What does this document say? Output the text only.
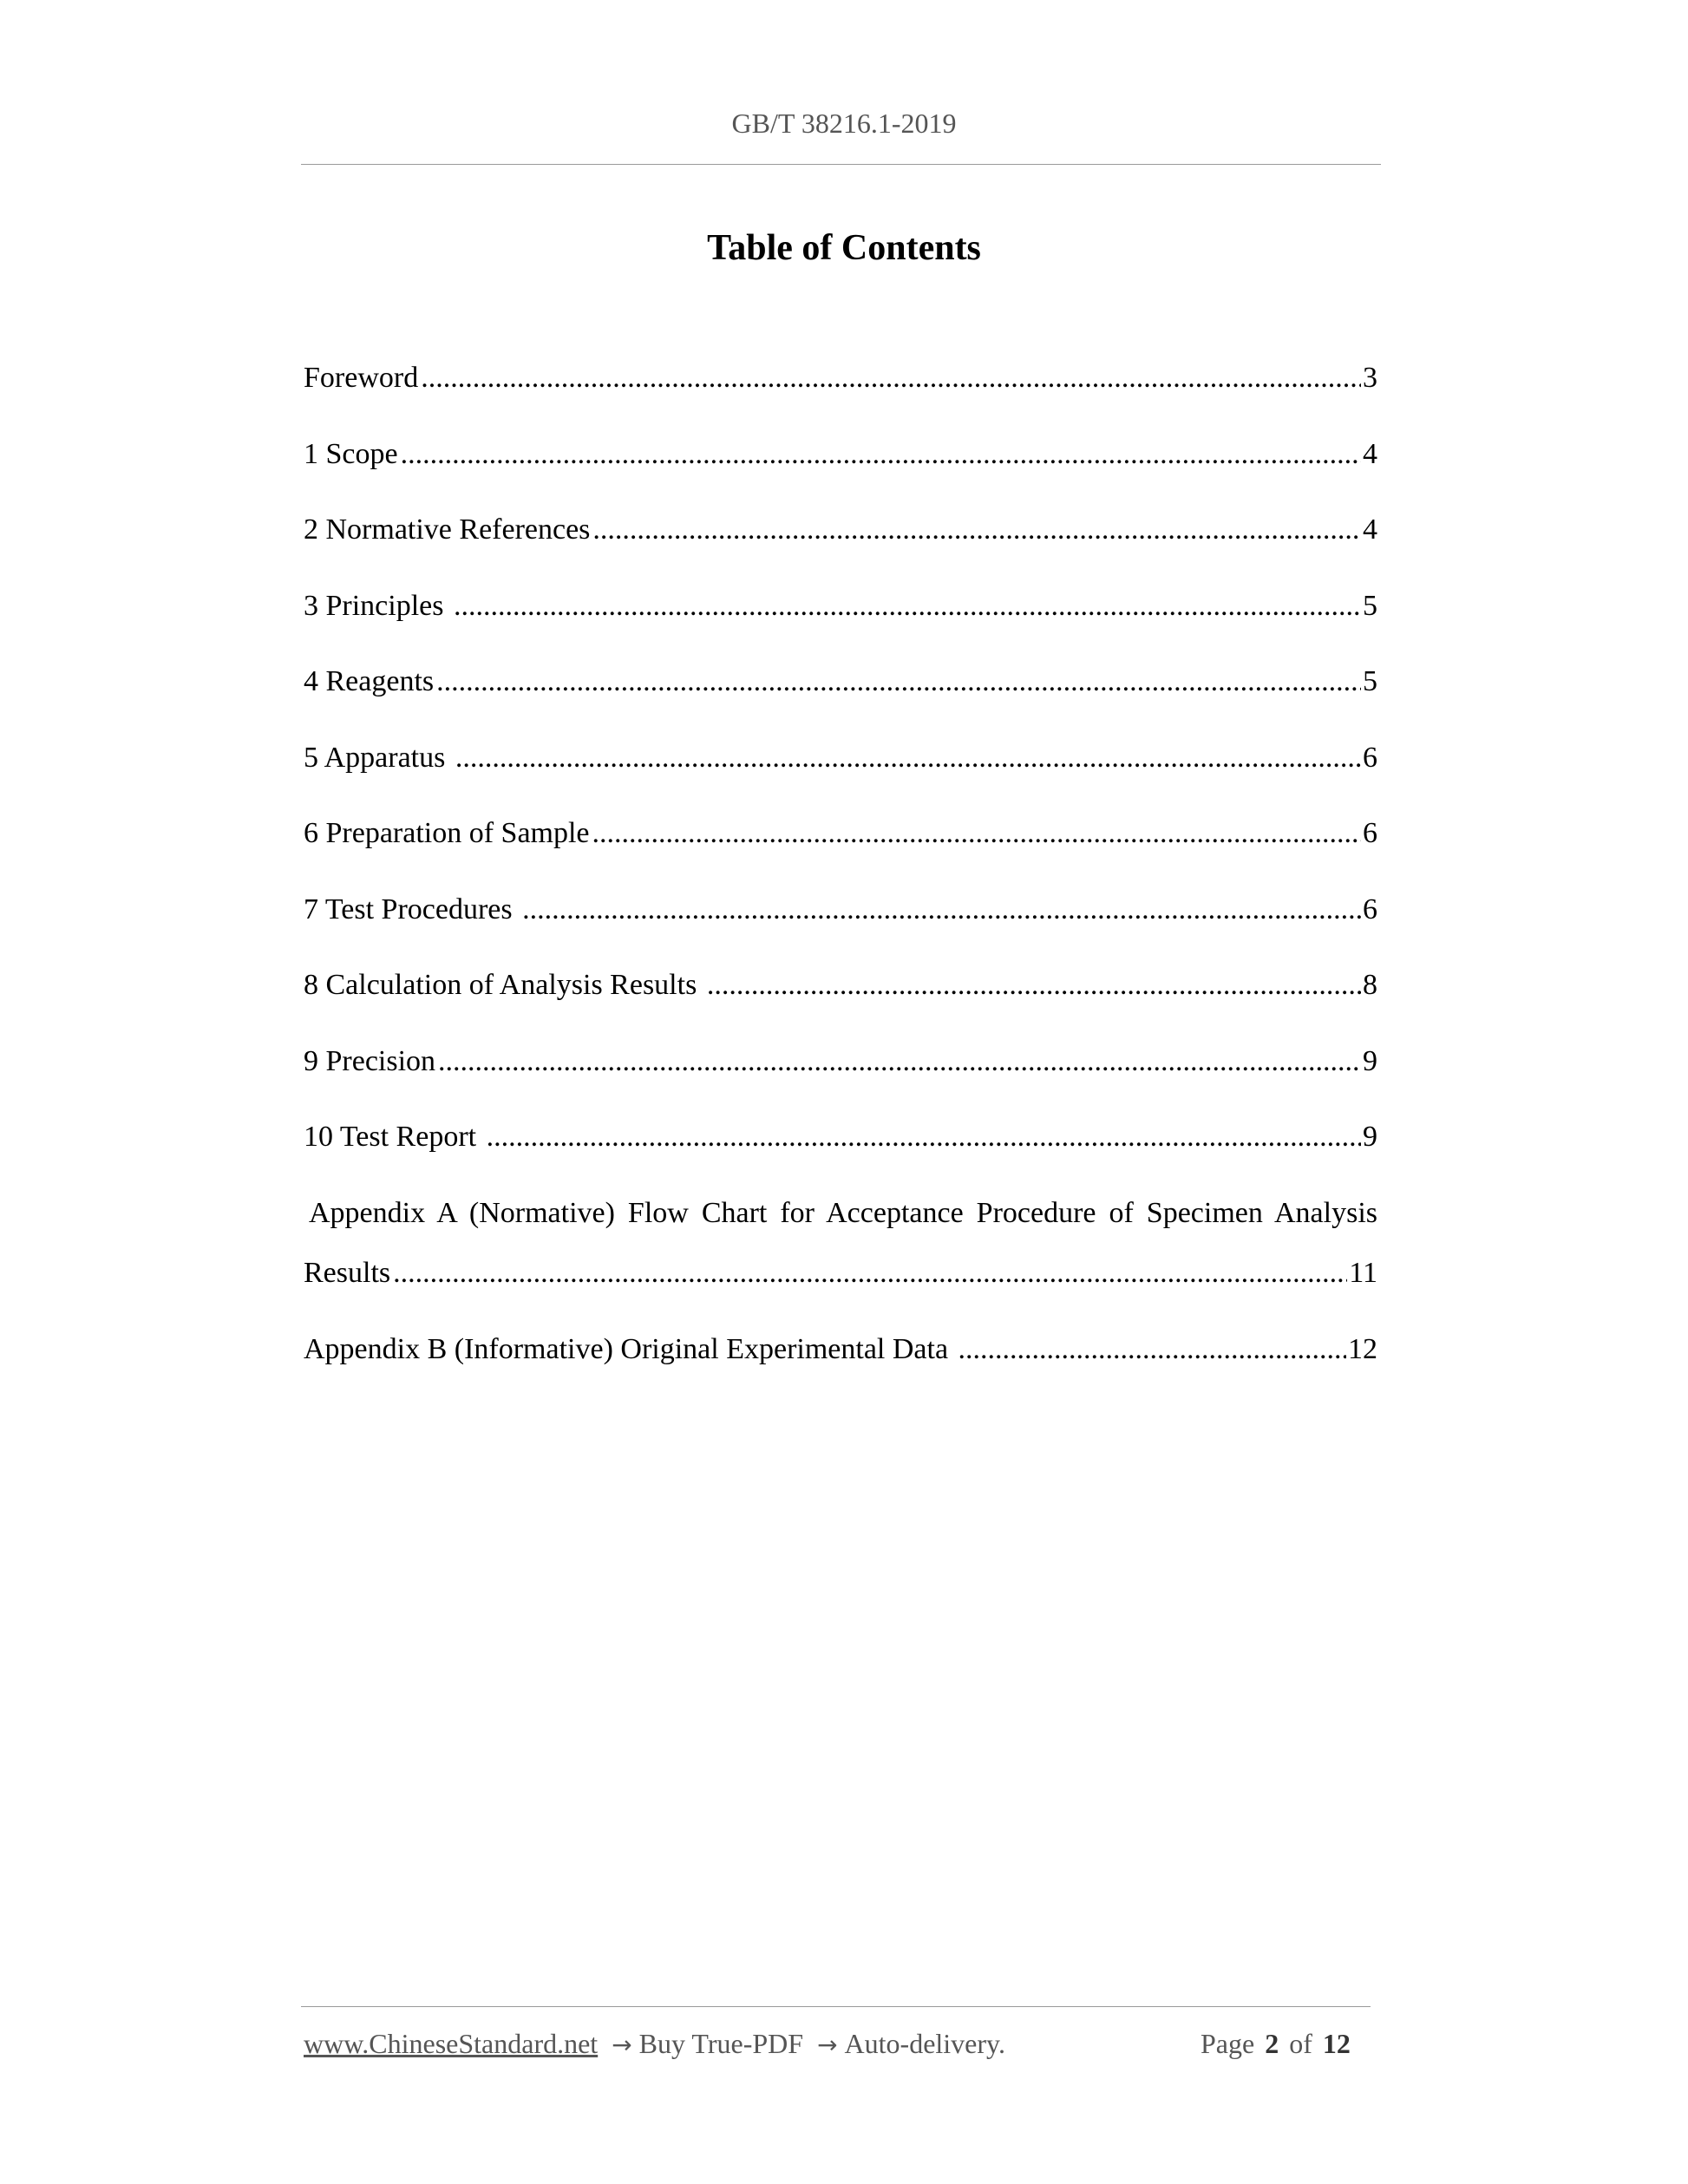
GB/T 38216.1-2019
Table of Contents
Foreword .....	3
1 Scope .....	4
2 Normative References .....	4
3 Principles .....	5
4 Reagents .....	5
5 Apparatus .....	6
6 Preparation of Sample .....	6
7 Test Procedures .....	6
8 Calculation of Analysis Results .....	8
9 Precision .....	9
10 Test Report .....	9
Appendix A (Normative) Flow Chart for Acceptance Procedure of Specimen Analysis
Results .....	11
Appendix B (Informative) Original Experimental Data .....	12
www.ChineseStandard.net → Buy True-PDF → Auto-delivery.	Page 2 of 12
